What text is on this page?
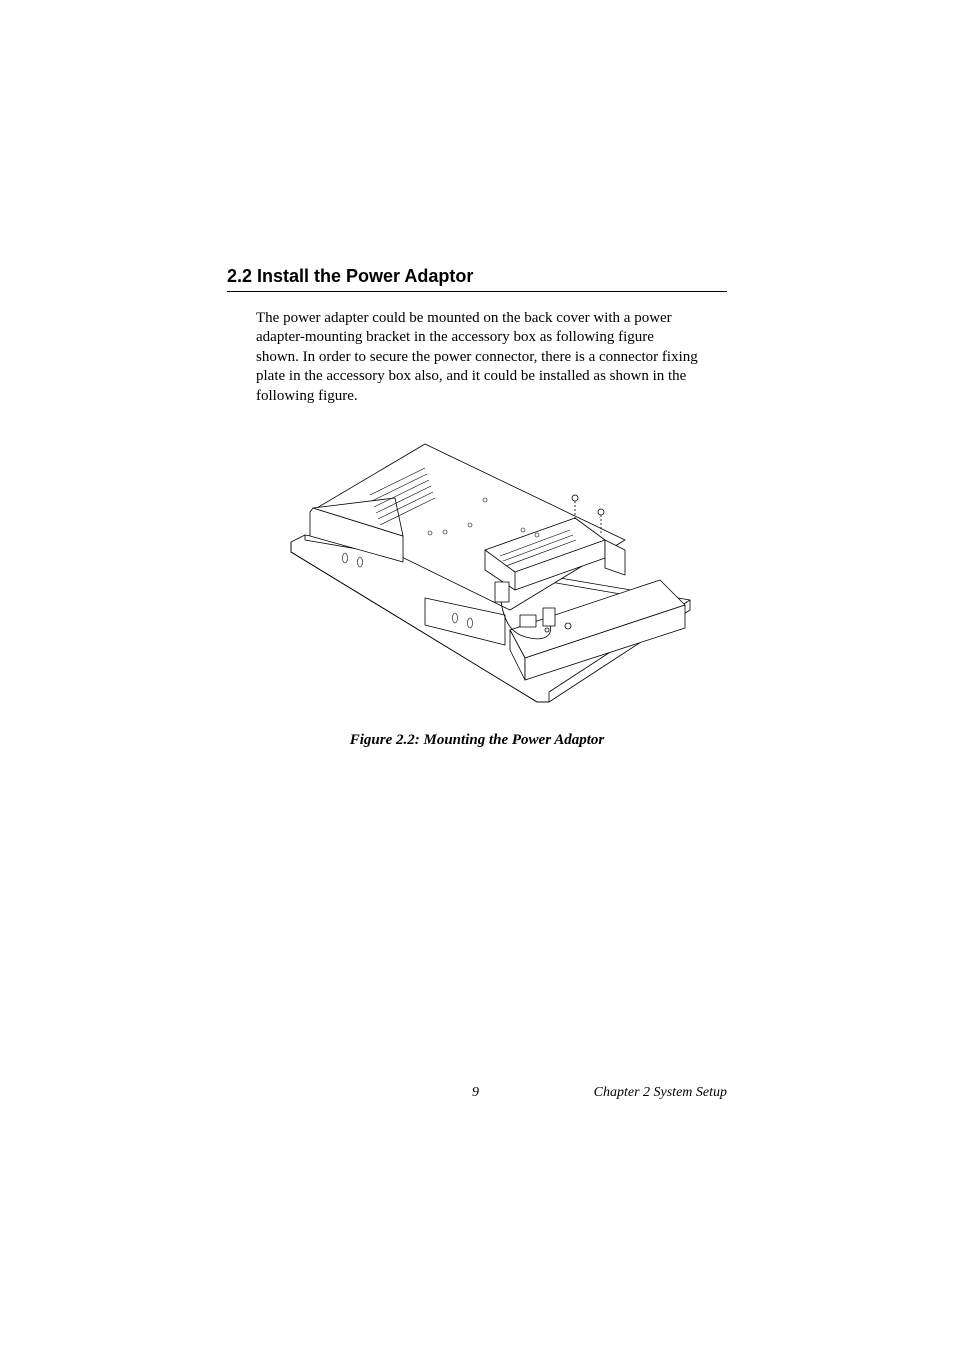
2.2 Install the Power Adaptor

The power adapter could be mounted on the back cover with a power
adapter-mounting bracket in the accessory box as following figure
shown. In order to secure the power connector, there is a connector fixing
plate in the accessory box also, and it could be installed as shown in the
following figure.

Figure 2.2: Mounting the Power Adaptor

9	Chapter 2 System Setup
